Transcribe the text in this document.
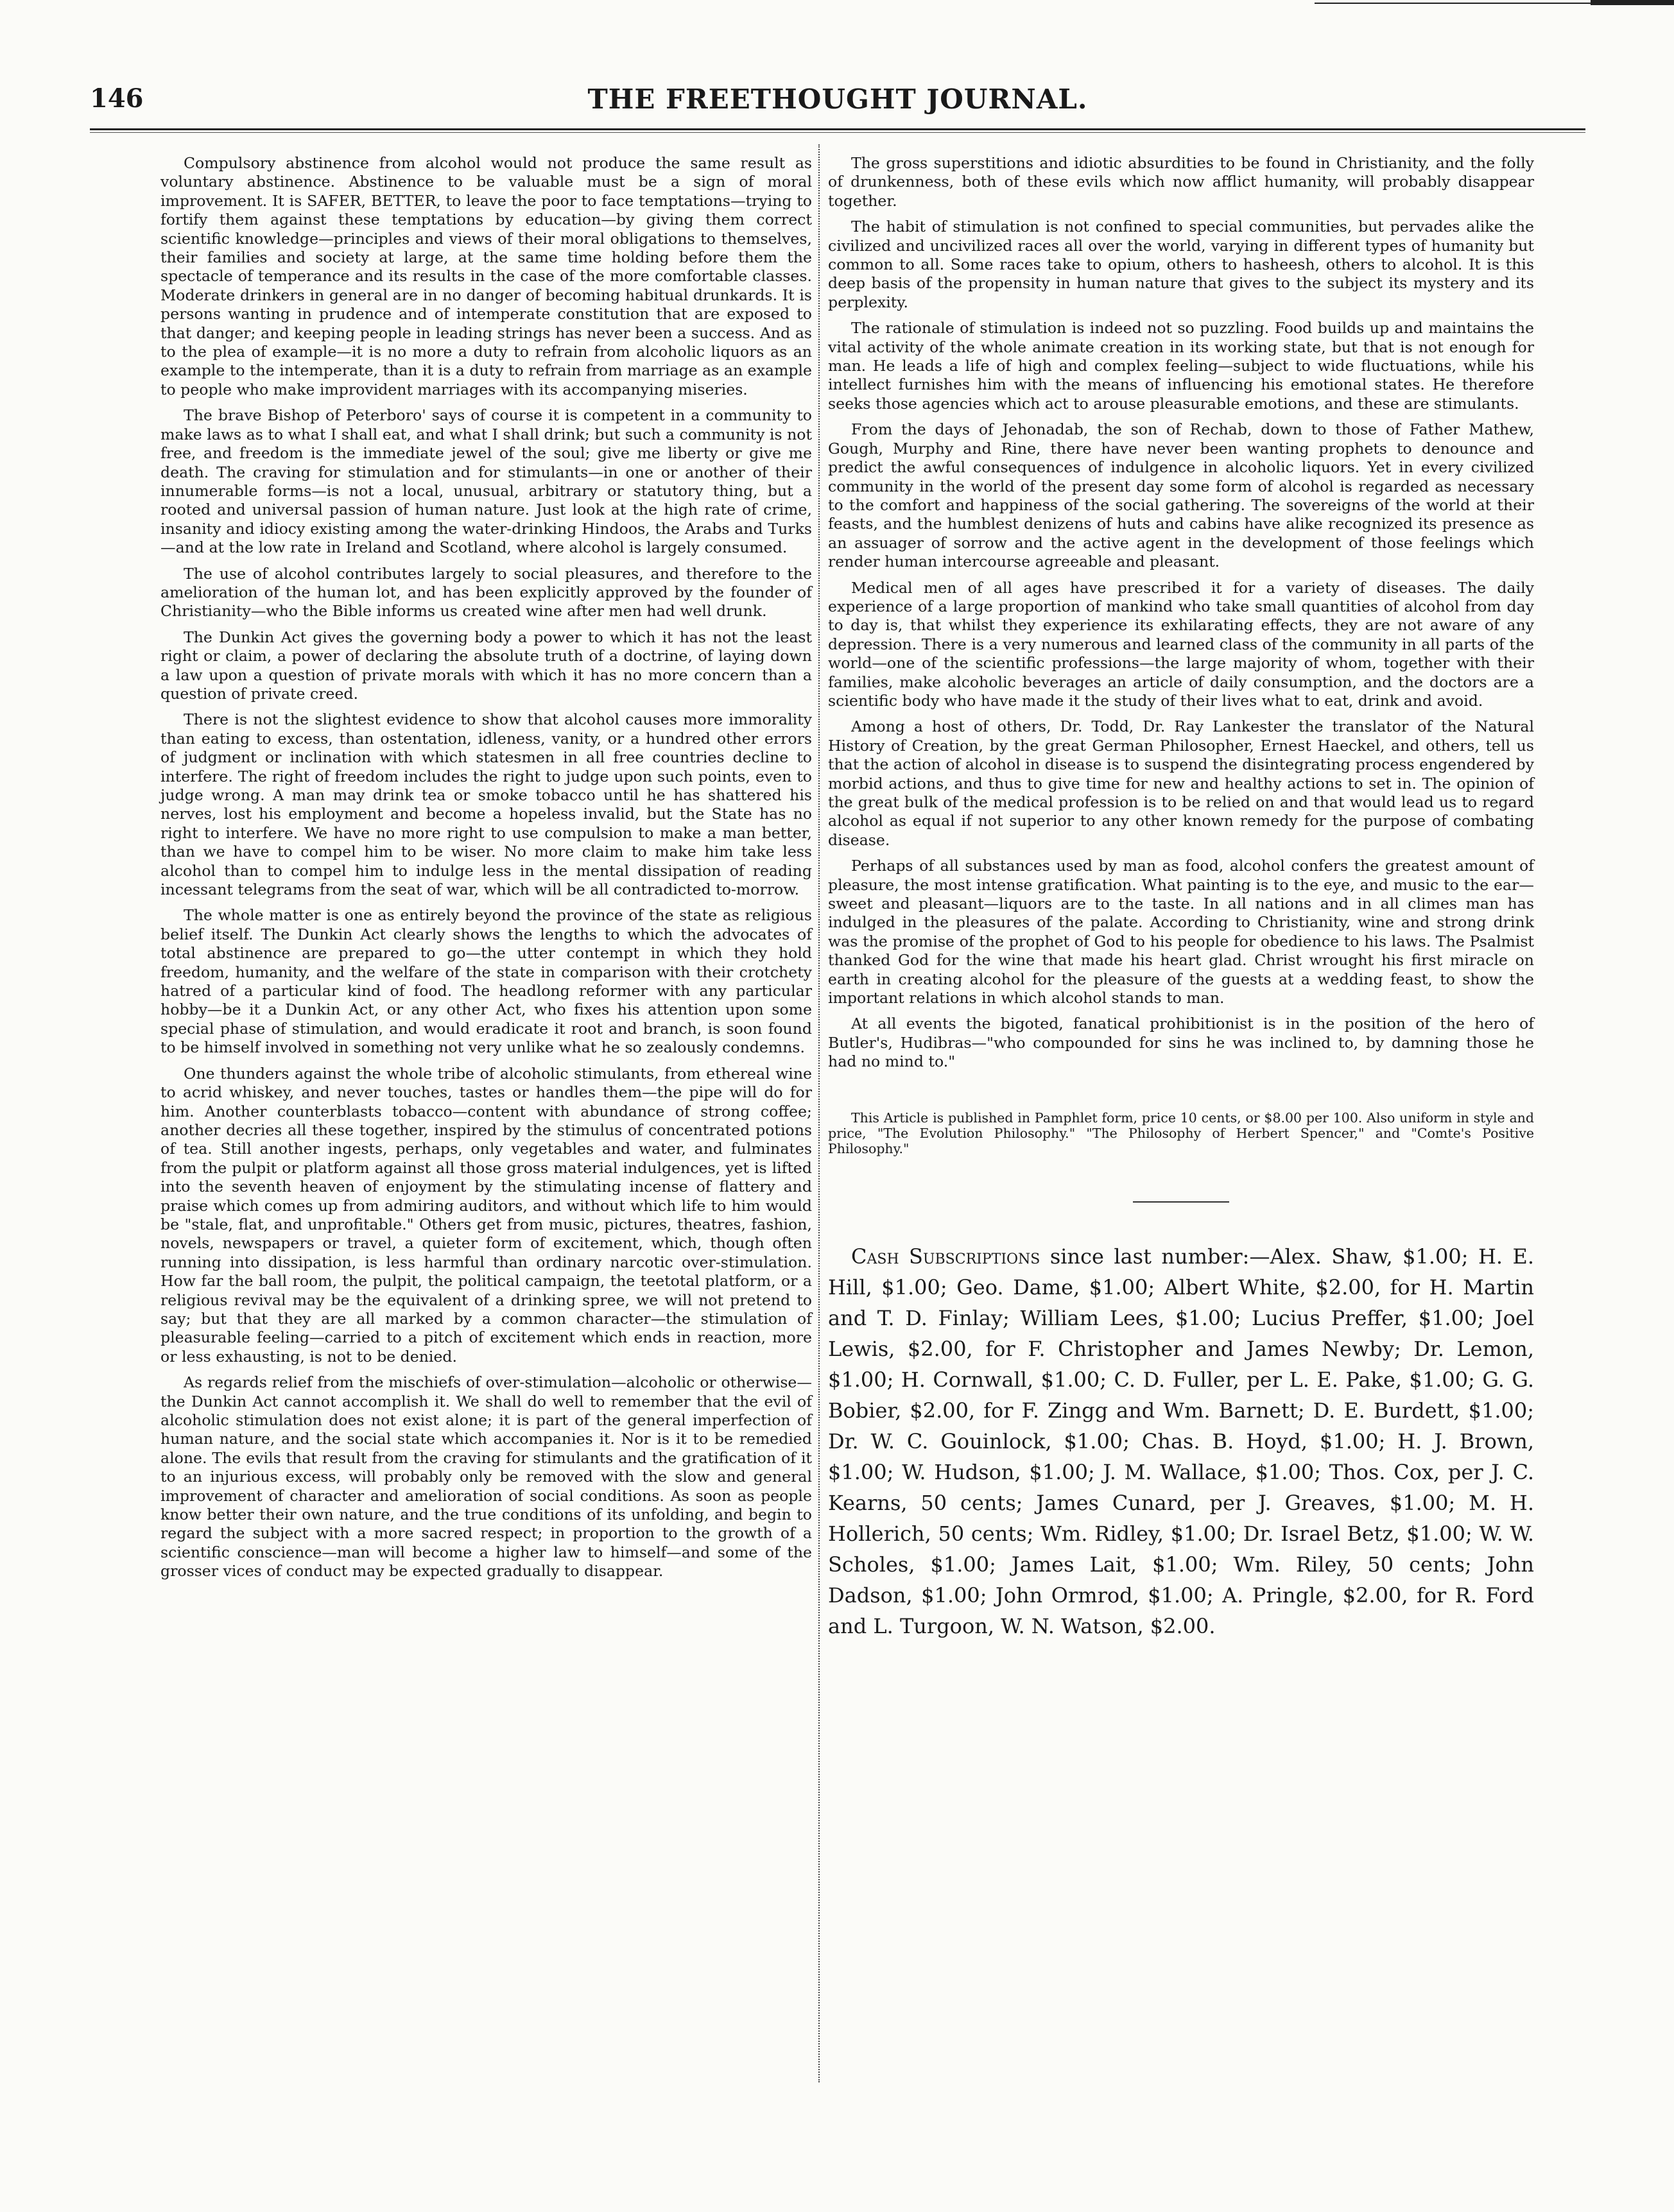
146	THE FREETHOUGHT JOURNAL.

Compulsory abstinence from alcohol would not produce the same result as voluntary abstinence. Abstinence to be valuable must be a sign of moral improvement. It is SAFER, BETTER, to leave the poor to face temptations—trying to fortify them against these temptations by education—by giving them correct scientific knowledge—principles and views of their moral obligations to themselves, their families and society at large, at the same time holding before them the spectacle of temperance and its results in the case of the more comfortable classes. Moderate drinkers in general are in no danger of becoming habitual drunkards. It is persons wanting in prudence and of intemperate constitution that are exposed to that danger; and keeping people in leading strings has never been a success. And as to the plea of example—it is no more a duty to refrain from alcoholic liquors as an example to the intemperate, than it is a duty to refrain from marriage as an example to people who make improvident marriages with its accompanying miseries.

The brave Bishop of Peterboro' says of course it is competent in a community to make laws as to what I shall eat, and what I shall drink; but such a community is not free, and freedom is the immediate jewel of the soul; give me liberty or give me death. The craving for stimulation and for stimulants—in one or another of their innumerable forms—is not a local, unusual, arbitrary or statutory thing, but a rooted and universal passion of human nature. Just look at the high rate of crime, insanity and idiocy existing among the water-drinking Hindoos, the Arabs and Turks—and at the low rate in Ireland and Scotland, where alcohol is largely consumed.

The use of alcohol contributes largely to social pleasures, and therefore to the amelioration of the human lot, and has been explicitly approved by the founder of Christianity—who the Bible informs us created wine after men had well drunk.

The Dunkin Act gives the governing body a power to which it has not the least right or claim, a power of declaring the absolute truth of a doctrine, of laying down a law upon a question of private morals with which it has no more concern than a question of private creed.

There is not the slightest evidence to show that alcohol causes more immorality than eating to excess, than ostentation, idleness, vanity, or a hundred other errors of judgment or inclination with which statesmen in all free countries decline to interfere. The right of freedom includes the right to judge upon such points, even to judge wrong. A man may drink tea or smoke tobacco until he has shattered his nerves, lost his employment and become a hopeless invalid, but the State has no right to interfere. We have no more right to use compulsion to make a man better, than we have to compel him to be wiser. No more claim to make him take less alcohol than to compel him to indulge less in the mental dissipation of reading incessant telegrams from the seat of war, which will be all contradicted to-morrow.

The whole matter is one as entirely beyond the province of the state as religious belief itself. The Dunkin Act clearly shows the lengths to which the advocates of total abstinence are prepared to go—the utter contempt in which they hold freedom, humanity, and the welfare of the state in comparison with their crotchety hatred of a particular kind of food. The headlong reformer with any particular hobby—be it a Dunkin Act, or any other Act, who fixes his attention upon some special phase of stimulation, and would eradicate it root and branch, is soon found to be himself involved in something not very unlike what he so zealously condemns.

One thunders against the whole tribe of alcoholic stimulants, from ethereal wine to acrid whiskey, and never touches, tastes or handles them—the pipe will do for him. Another counterblasts tobacco—content with abundance of strong coffee; another decries all these together, inspired by the stimulus of concentrated potions of tea. Still another ingests, perhaps, only vegetables and water, and fulminates from the pulpit or platform against all those gross material indulgences, yet is lifted into the seventh heaven of enjoyment by the stimulating incense of flattery and praise which comes up from admiring auditors, and without which life to him would be "stale, flat, and unprofitable." Others get from music, pictures, theatres, fashion, novels, newspapers or travel, a quieter form of excitement, which, though often running into dissipation, is less harmful than ordinary narcotic over-stimulation. How far the ball room, the pulpit, the political campaign, the teetotal platform, or a religious revival may be the equivalent of a drinking spree, we will not pretend to say; but that they are all marked by a common character—the stimulation of pleasurable feeling—carried to a pitch of excitement which ends in reaction, more or less exhausting, is not to be denied.

As regards relief from the mischiefs of over-stimulation—alcoholic or otherwise—the Dunkin Act cannot accomplish it. We shall do well to remember that the evil of alcoholic stimulation does not exist alone; it is part of the general imperfection of human nature, and the social state which accompanies it. Nor is it to be remedied alone. The evils that result from the craving for stimulants and the gratification of it to an injurious excess, will probably only be removed with the slow and general improvement of character and amelioration of social conditions. As soon as people know better their own nature, and the true conditions of its unfolding, and begin to regard the subject with a more sacred respect; in proportion to the growth of a scientific conscience—man will become a higher law to himself—and some of the grosser vices of conduct may be expected gradually to disappear.

The gross superstitions and idiotic absurdities to be found in Christianity, and the folly of drunkenness, both of these evils which now afflict humanity, will probably disappear together.

The habit of stimulation is not confined to special communities, but pervades alike the civilized and uncivilized races all over the world, varying in different types of humanity but common to all. Some races take to opium, others to hasheesh, others to alcohol. It is this deep basis of the propensity in human nature that gives to the subject its mystery and its perplexity.

The rationale of stimulation is indeed not so puzzling. Food builds up and maintains the vital activity of the whole animate creation in its working state, but that is not enough for man. He leads a life of high and complex feeling—subject to wide fluctuations, while his intellect furnishes him with the means of influencing his emotional states. He therefore seeks those agencies which act to arouse pleasurable emotions, and these are stimulants.

From the days of Jehonadab, the son of Rechab, down to those of Father Mathew, Gough, Murphy and Rine, there have never been wanting prophets to denounce and predict the awful consequences of indulgence in alcoholic liquors. Yet in every civilized community in the world of the present day some form of alcohol is regarded as necessary to the comfort and happiness of the social gathering. The sovereigns of the world at their feasts, and the humblest denizens of huts and cabins have alike recognized its presence as an assuager of sorrow and the active agent in the development of those feelings which render human intercourse agreeable and pleasant.

Medical men of all ages have prescribed it for a variety of diseases. The daily experience of a large proportion of mankind who take small quantities of alcohol from day to day is, that whilst they experience its exhilarating effects, they are not aware of any depression. There is a very numerous and learned class of the community in all parts of the world—one of the scientific professions—the large majority of whom, together with their families, make alcoholic beverages an article of daily consumption, and the doctors are a scientific body who have made it the study of their lives what to eat, drink and avoid.

Among a host of others, Dr. Todd, Dr. Ray Lankester the translator of the Natural History of Creation, by the great German Philosopher, Ernest Haeckel, and others, tell us that the action of alcohol in disease is to suspend the disintegrating process engendered by morbid actions, and thus to give time for new and healthy actions to set in. The opinion of the great bulk of the medical profession is to be relied on and that would lead us to regard alcohol as equal if not superior to any other known remedy for the purpose of combating disease.

Perhaps of all substances used by man as food, alcohol confers the greatest amount of pleasure, the most intense gratification. What painting is to the eye, and music to the ear—sweet and pleasant—liquors are to the taste. In all nations and in all climes man has indulged in the pleasures of the palate. According to Christianity, wine and strong drink was the promise of the prophet of God to his people for obedience to his laws. The Psalmist thanked God for the wine that made his heart glad. Christ wrought his first miracle on earth in creating alcohol for the pleasure of the guests at a wedding feast, to show the important relations in which alcohol stands to man.

At all events the bigoted, fanatical prohibitionist is in the position of the hero of Butler's, Hudibras—"who compounded for sins he was inclined to, by damning those he had no mind to."

This Article is published in Pamphlet form, price 10 cents, or $8.00 per 100. Also uniform in style and price, "The Evolution Philosophy." "The Philosophy of Herbert Spencer," and "Comte's Positive Philosophy."

Cash Subscriptions since last number:—Alex. Shaw, $1.00; H. E. Hill, $1.00; Geo. Dame, $1.00; Albert White, $2.00, for H. Martin and T. D. Finlay; William Lees, $1.00; Lucius Preffer, $1.00; Joel Lewis, $2.00, for F. Christopher and James Newby; Dr. Lemon, $1.00; H. Cornwall, $1.00; C. D. Fuller, per L. E. Pake, $1.00; G. G. Bobier, $2.00, for F. Zingg and Wm. Barnett; D. E. Burdett, $1.00; Dr. W. C. Gouinlock, $1.00; Chas. B. Hoyd, $1.00; H. J. Brown, $1.00; W. Hudson, $1.00; J. M. Wallace, $1.00; Thos. Cox, per J. C. Kearns, 50 cents; James Cunard, per J. Greaves, $1.00; M. H. Hollerich, 50 cents; Wm. Ridley, $1.00; Dr. Israel Betz, $1.00; W. W. Scholes, $1.00; James Lait, $1.00; Wm. Riley, 50 cents; John Dadson, $1.00; John Ormrod, $1.00; A. Pringle, $2.00, for R. Ford and L. Turgoon, W. N. Watson, $2.00.
